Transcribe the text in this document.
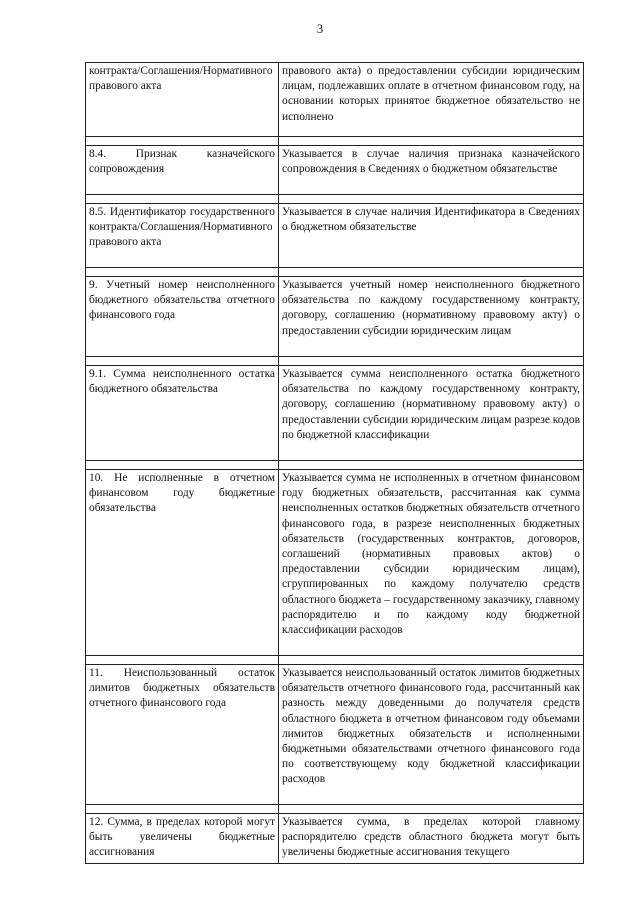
3
контракта/Соглашения/Нормативного правового акта	правового акта) о предоставлении субсидии юридическим лицам, подлежавших оплате в отчетном финансовом году, на основании которых принятое бюджетное обязательство не исполнено

8.4. Признак казначейского сопровождения	Указывается в случае наличия признака казначейского сопровождения в Сведениях о бюджетном обязательстве

8.5. Идентификатор государственного контракта/Соглашения/Нормативного правового акта	Указывается в случае наличия Идентификатора в Сведениях о бюджетном обязательстве

9. Учетный номер неисполненного бюджетного обязательства отчетного финансового года	Указывается учетный номер неисполненного бюджетного обязательства по каждому государственному контракту, договору, соглашению (нормативному правовому акту) о предоставлении субсидии юридическим лицам

9.1. Сумма неисполненного остатка бюджетного обязательства	Указывается сумма неисполненного остатка бюджетного обязательства по каждому государственному контракту, договору, соглашению (нормативному правовому акту) о предоставлении субсидии юридическим лицам разрезе кодов по бюджетной классификации

10. Не исполненные в отчетном финансовом году бюджетные обязательства	Указывается сумма не исполненных в отчетном финансовом году бюджетных обязательств, рассчитанная как сумма неисполненных остатков бюджетных обязательств отчетного финансового года, в разрезе неисполненных бюджетных обязательств (государственных контрактов, договоров, соглашений (нормативных правовых актов) о предоставлении субсидии юридическим лицам), сгруппированных по каждому получателю средств областного бюджета – государственному заказчику, главному распорядителю и по каждому коду бюджетной классификации расходов

11. Неиспользованный остаток лимитов бюджетных обязательств отчетного финансового года	Указывается неиспользованный остаток лимитов бюджетных обязательств отчетного финансового года, рассчитанный как разность между доведенными до получателя средств областного бюджета в отчетном финансовом году объемами лимитов бюджетных обязательств и исполненными бюджетными обязательствами отчетного финансового года по соответствующему коду бюджетной классификации расходов

12. Сумма, в пределах которой могут быть увеличены бюджетные ассигнования	Указывается сумма, в пределах которой главному распорядителю средств областного бюджета могут быть увеличены бюджетные ассигнования текущего
